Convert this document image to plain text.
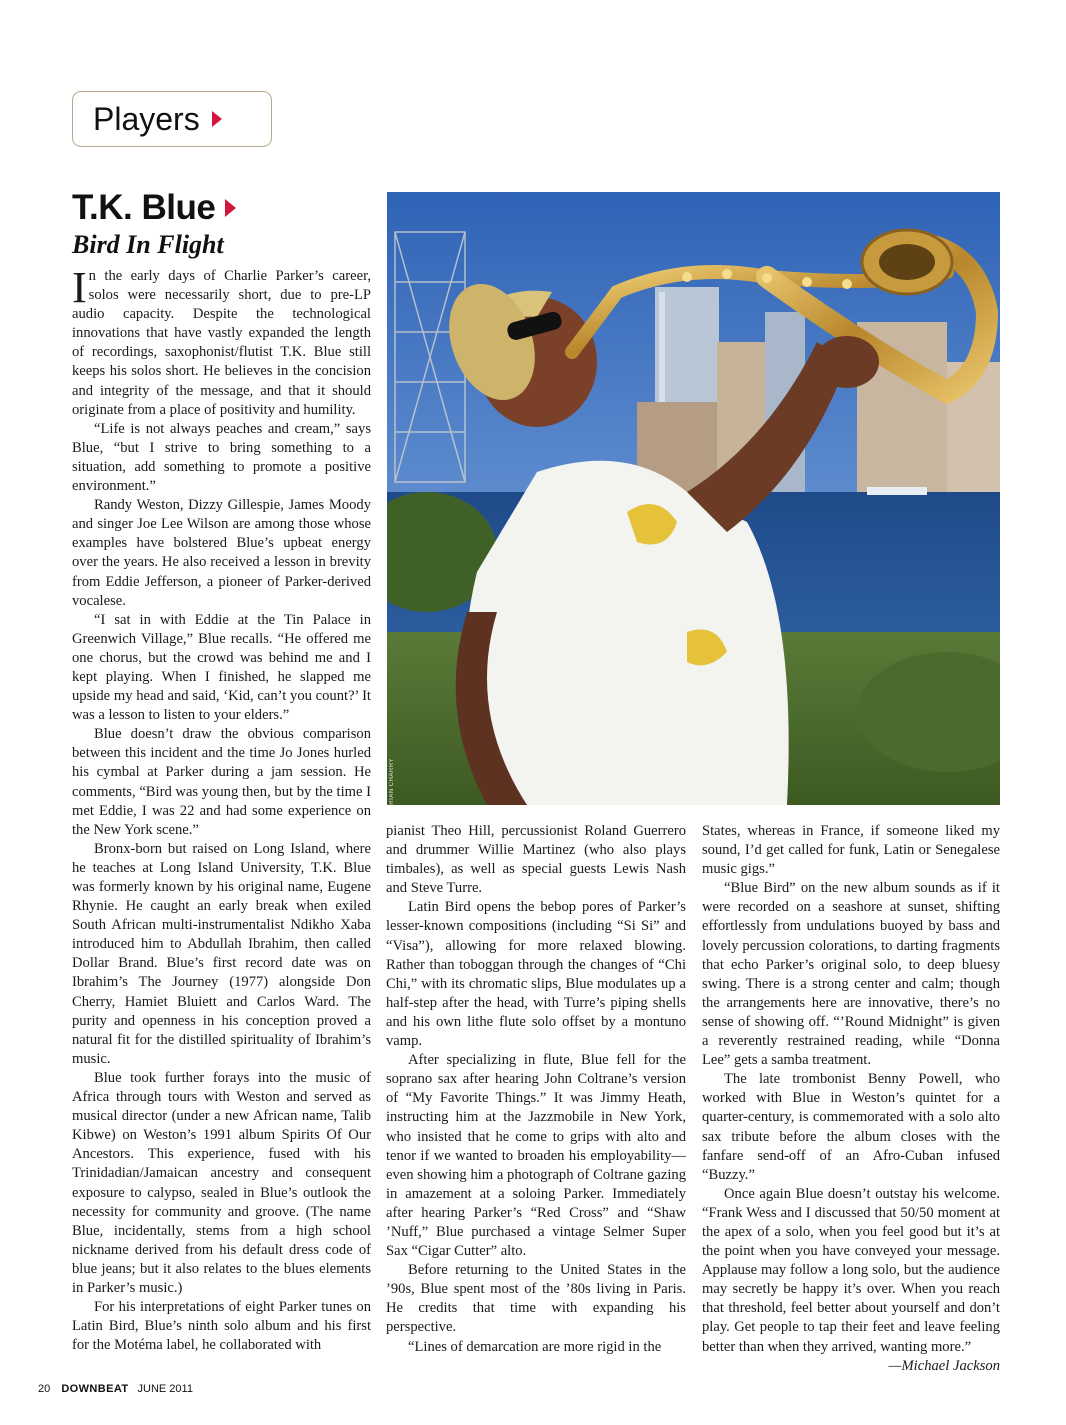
Players
T.K. Blue
Bird In Flight

In the early days of Charlie Parker’s career, solos were necessarily short, due to pre-LP audio capacity. Despite the technological innovations that have vastly expanded the length of recordings, saxophonist/flutist T.K. Blue still keeps his solos short. He believes in the concision and integrity of the message, and that it should originate from a place of positivity and humility.

“Life is not always peaches and cream,” says Blue, “but I strive to bring something to a situation, add something to promote a positive environment.”

Randy Weston, Dizzy Gillespie, James Moody and singer Joe Lee Wilson are among those whose examples have bolstered Blue’s upbeat energy over the years. He also received a lesson in brevity from Eddie Jefferson, a pioneer of Parker-derived vocalese.

“I sat in with Eddie at the Tin Palace in Greenwich Village,” Blue recalls. “He offered me one chorus, but the crowd was behind me and I kept playing. When I finished, he slapped me upside my head and said, ‘Kid, can’t you count?’ It was a lesson to listen to your elders.”

Blue doesn’t draw the obvious comparison between this incident and the time Jo Jones hurled his cymbal at Parker during a jam session. He comments, “Bird was young then, but by the time I met Eddie, I was 22 and had some experience on the New York scene.”

Bronx-born but raised on Long Island, where he teaches at Long Island University, T.K. Blue was formerly known by his original name, Eugene Rhynie. He caught an early break when exiled South African multi-instrumentalist Ndikho Xaba introduced him to Abdullah Ibrahim, then called Dollar Brand. Blue’s first record date was on Ibrahim’s The Journey (1977) alongside Don Cherry, Hamiet Bluiett and Carlos Ward. The purity and openness in his conception proved a natural fit for the distilled spirituality of Ibrahim’s music.

Blue took further forays into the music of Africa through tours with Weston and served as musical director (under a new African name, Talib Kibwe) on Weston’s 1991 album Spirits Of Our Ancestors. This experience, fused with his Trinidadian/Jamaican ancestry and consequent exposure to calypso, sealed in Blue’s outlook the necessity for community and groove. (The name Blue, incidentally, stems from a high school nickname derived from his default dress code of blue jeans; but it also relates to the blues elements in Parker’s music.)

For his interpretations of eight Parker tunes on Latin Bird, Blue’s ninth solo album and his first for the Motéma label, he collaborated with

BRIAN CHARRY

pianist Theo Hill, percussionist Roland Guerrero and drummer Willie Martinez (who also plays timbales), as well as special guests Lewis Nash and Steve Turre.

Latin Bird opens the bebop pores of Parker’s lesser-known compositions (including “Si Si” and “Visa”), allowing for more relaxed blowing. Rather than toboggan through the changes of “Chi Chi,” with its chromatic slips, Blue modulates up a half-step after the head, with Turre’s piping shells and his own lithe flute solo offset by a montuno vamp.

After specializing in flute, Blue fell for the soprano sax after hearing John Coltrane’s version of “My Favorite Things.” It was Jimmy Heath, instructing him at the Jazzmobile in New York, who insisted that he come to grips with alto and tenor if we wanted to broaden his employability—even showing him a photograph of Coltrane gazing in amazement at a soloing Parker. Immediately after hearing Parker’s “Red Cross” and “Shaw ’Nuff,” Blue purchased a vintage Selmer Super Sax “Cigar Cutter” alto.

Before returning to the United States in the ’90s, Blue spent most of the ’80s living in Paris. He credits that time with expanding his perspective.

“Lines of demarcation are more rigid in the

States, whereas in France, if someone liked my sound, I’d get called for funk, Latin or Senegalese music gigs.”

“Blue Bird” on the new album sounds as if it were recorded on a seashore at sunset, shifting effortlessly from undulations buoyed by bass and lovely percussion colorations, to darting fragments that echo Parker’s original solo, to deep bluesy swing. There is a strong center and calm; though the arrangements here are innovative, there’s no sense of showing off. “’Round Midnight” is given a reverently restrained reading, while “Donna Lee” gets a samba treatment.

The late trombonist Benny Powell, who worked with Blue in Weston’s quintet for a quarter-century, is commemorated with a solo alto sax tribute before the album closes with the fanfare send-off of an Afro-Cuban infused “Buzzy.”

Once again Blue doesn’t outstay his welcome. “Frank Wess and I discussed that 50/50 moment at the apex of a solo, when you feel good but it’s at the point when you have conveyed your message. Applause may follow a long solo, but the audience may secretly be happy it’s over. When you reach that threshold, feel better about yourself and don’t play. Get people to tap their feet and leave feeling better than when they arrived, wanting more.”
—Michael Jackson

20 DOWNBEAT JUNE 2011
